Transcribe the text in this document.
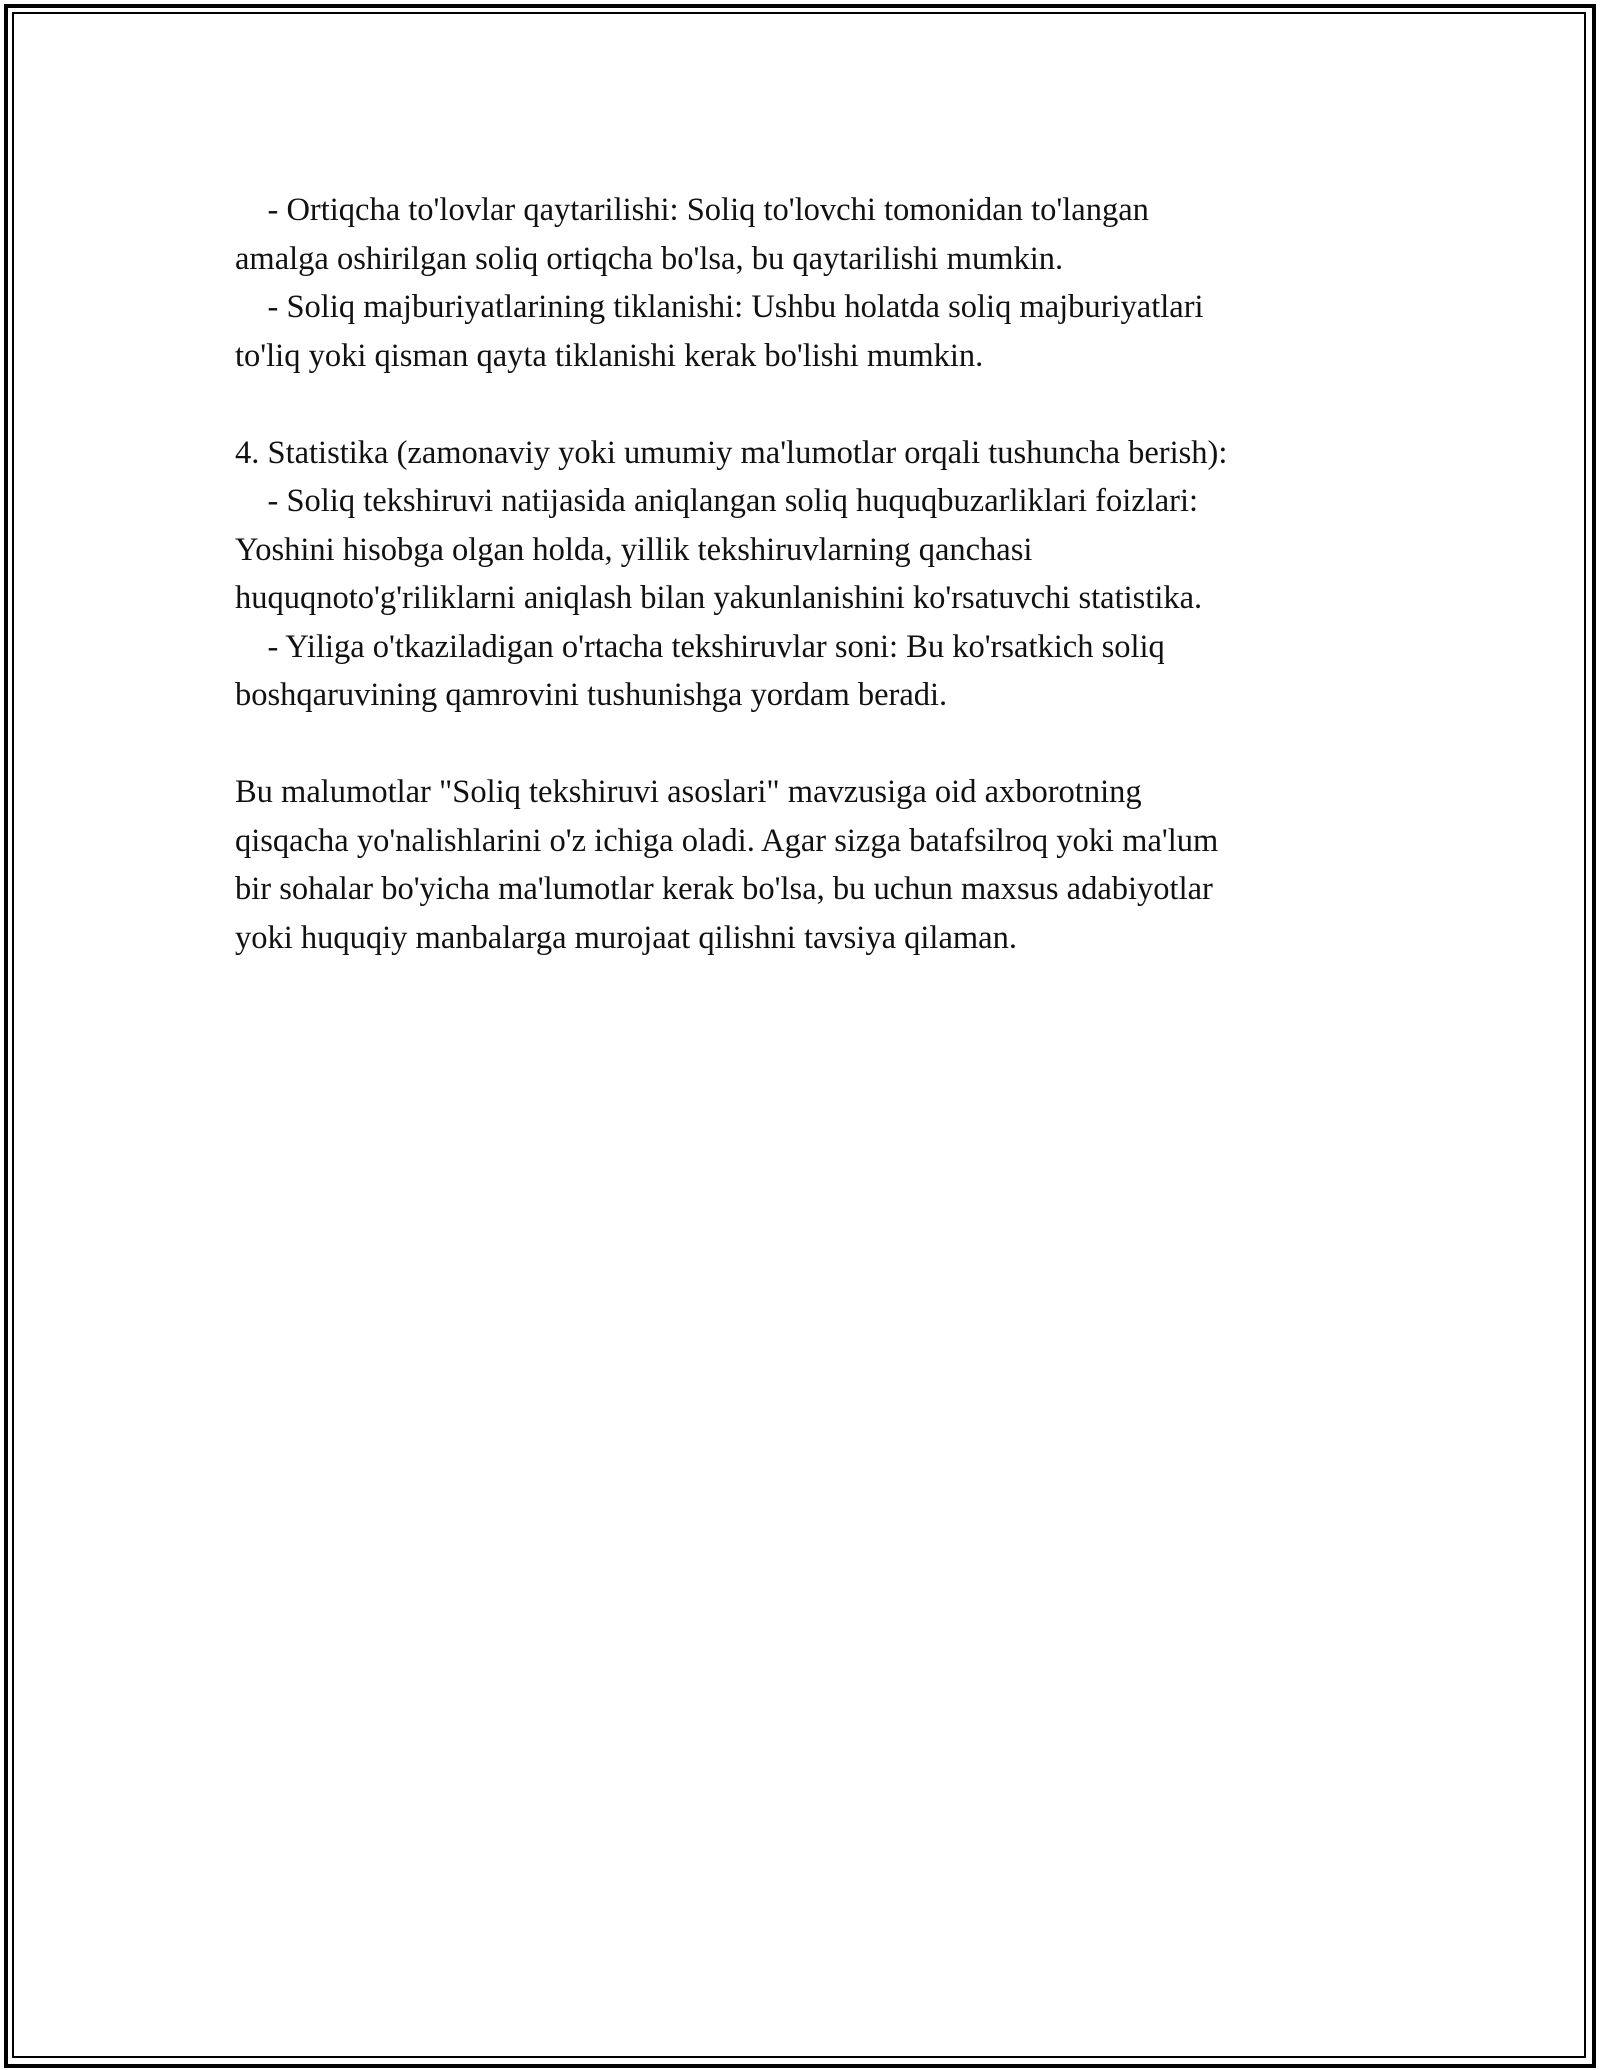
- Ortiqcha to'lovlar qaytarilishi: Soliq to'lovchi tomonidan to'langan
amalga oshirilgan soliq ortiqcha bo'lsa, bu qaytarilishi mumkin.
- Soliq majburiyatlarining tiklanishi: Ushbu holatda soliq majburiyatlari
to'liq yoki qisman qayta tiklanishi kerak bo'lishi mumkin.
4. Statistika (zamonaviy yoki umumiy ma'lumotlar orqali tushuncha berish):
- Soliq tekshiruvi natijasida aniqlangan soliq huquqbuzarliklari foizlari:
Yoshini hisobga olgan holda, yillik tekshiruvlarning qanchasi
huquqnoto'g'riliklarni aniqlash bilan yakunlanishini ko'rsatuvchi statistika.
- Yiliga o'tkaziladigan o'rtacha tekshiruvlar soni: Bu ko'rsatkich soliq
boshqaruvining qamrovini tushunishga yordam beradi.
Bu malumotlar "Soliq tekshiruvi asoslari" mavzusiga oid axborotning
qisqacha yo'nalishlarini o'z ichiga oladi. Agar sizga batafsilroq yoki ma'lum
bir sohalar bo'yicha ma'lumotlar kerak bo'lsa, bu uchun maxsus adabiyotlar
yoki huquqiy manbalarga murojaat qilishni tavsiya qilaman.
